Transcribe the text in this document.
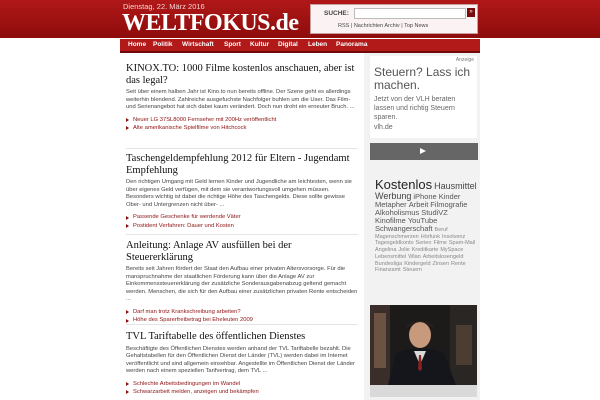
Dienstag, 22. März 2016
WELTFOKUS.de	SUCHE:	»
RSS | Nachrichten Archiv | Top News
Home Politik Wirtschaft Sport Kultur Digital Leben Panorama
KINOX.TO: 1000 Filme kostenlos anschauen, aber ist das legal?
Seit über einem halben Jahr ist Kino.to nun bereits offline. Der Szene geht es allerdings weiterhin blendend. Zahlreiche ausgefuchste Nachfolger buhlen um die User. Das Film- und Serienangebot hat sich dabei kaum verändert. Doch nun droht ein erneuter Bruch. ...
Neuer LG 37SL8000 Fernseher mit 200Hz veröffentlicht
Alte amerikanische Spielfilme von Hitchcock
Taschengeldempfehlung 2012 für Eltern - Jugendamt Empfehlung
Den richtigen Umgang mit Geld lernen Kinder und Jugendliche am leichtesten, wenn sie über eigenes Geld verfügen, mit dem sie verantwortungsvoll umgehen müssen. Besonders wichtig ist dabei die richtige Höhe des Taschengelds. Diese sollte gewisse Ober- und Untergrenzen nicht über- ...
Passende Geschenke für werdende Väter
Postident Verfahren: Dauer und Kosten
Anleitung: Anlage AV ausfüllen bei der Steuererklärung
Bereits seit Jahren fördert der Staat den Aufbau einer privaten Altersvorsorge. Für die manspruchnahme der staatlichen Förderung kann über die Anlage AV zur Einkommenssteuererklärung der zusätzliche Sonderausgabenabzug geltend gemacht werden. Menschen, die sich für den Aufbau einer zusätzlichen privaten Rente entscheiden ...
Darf man trotz Krankschreibung arbeiten?
Höhe des Sparerfreibetrag bei Eheleuten 2009
TVL Tariftabelle des öffentlichen Dienstes
Beschäftigte des Öffentlichen Dienstes werden anhand der TVL Tariftabelle bezahlt. Die Gehaltstabellen für den Öffentlichen Dienst der Länder (TVL) werden dabei im Internet veröffentlicht und sind allgemein einsehbar. Angestellte im Öffentlichen Dienst der Länder werden nach einem speziellen Tarifvertrag, dem TVL ...
Schlechte Arbeitsbedingungen im Wandel
Schwarzarbeit melden, anzeigen und bekämpfen
Anzeige
Steuern? Lass ich machen.
Jetzt von der VLH beraten lassen und richtig Steuern sparen.
vlh.de
Kostenlos HausmittelWerbung iPhone KinderMetapher Arbeit FilmografieAlkoholismus StudiVZKinofilme YouTubeSchwangerschaft BerufMagenschmerzen Hörfunk InsolvenzTagesgeldkonto Serien Filme Spam-MailAngelina Jolie Kreditkarte MySpaceLebensmittel Wlan ArbeitslosengeldBundesliga Kindergeld Zinsen RenteFinanzamt Steuern
